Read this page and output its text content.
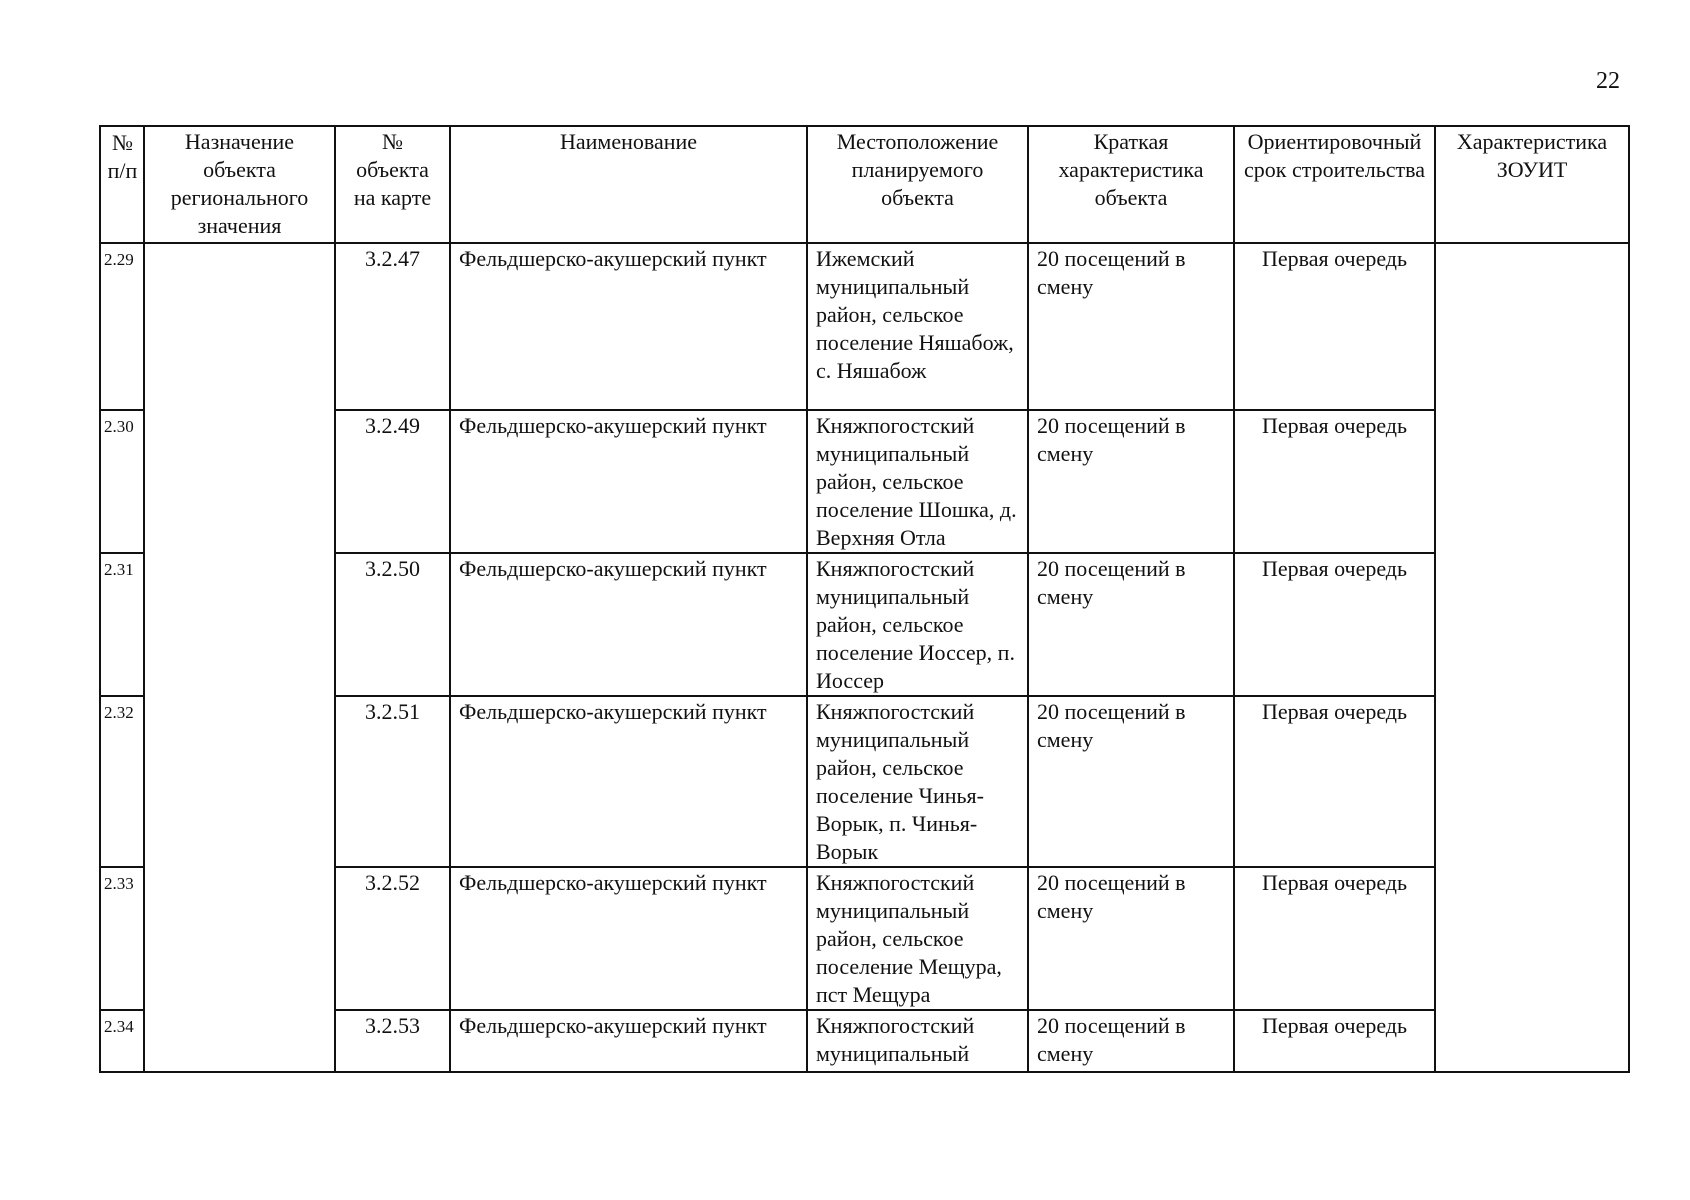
22
№ п/п	Назначение объекта регионального значения	№ объекта на карте	Наименование	Местоположение планируемого объекта	Краткая характеристика объекта	Ориентировочный срок строительства	Характеристика ЗОУИТ
2.29		3.2.47	Фельдшерско-акушерский пункт	Ижемский муниципальный район, сельское поселение Няшабож, с. Няшабож	20 посещений в смену	Первая очередь	
2.30		3.2.49	Фельдшерско-акушерский пункт	Княжпогостский муниципальный район, сельское поселение Шошка, д. Верхняя Отла	20 посещений в смену	Первая очередь	
2.31		3.2.50	Фельдшерско-акушерский пункт	Княжпогостский муниципальный район, сельское поселение Иоссер, п. Иоссер	20 посещений в смену	Первая очередь	
2.32		3.2.51	Фельдшерско-акушерский пункт	Княжпогостский муниципальный район, сельское поселение Чинья-Ворык, п. Чинья-Ворык	20 посещений в смену	Первая очередь	
2.33		3.2.52	Фельдшерско-акушерский пункт	Княжпогостский муниципальный район, сельское поселение Мещура, пст Мещура	20 посещений в смену	Первая очередь	
2.34		3.2.53	Фельдшерско-акушерский пункт	Княжпогостский муниципальный	20 посещений в смену	Первая очередь	
